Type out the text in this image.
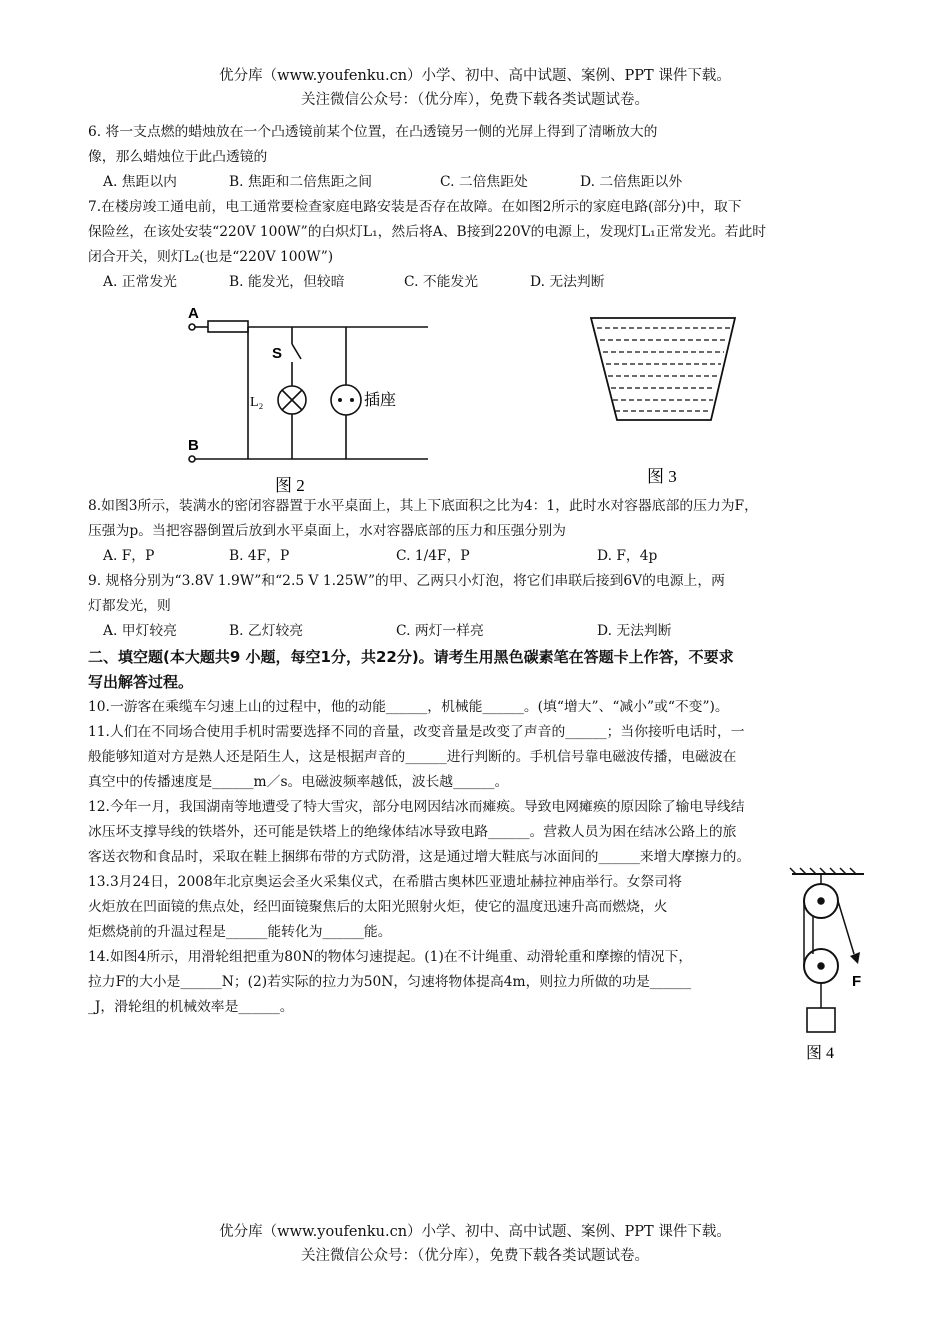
优分库（www.youfenku.cn）小学、初中、高中试题、案例、PPT 课件下载。
关注微信公众号：（优分库），免费下载各类试题试卷。
6. 将一支点燃的蜡烛放在一个凸透镜前某个位置，在凸透镜另一侧的光屏上得到了清晰放大的
像，那么蜡烛位于此凸透镜的
A. 焦距以内	B. 焦距和二倍焦距之间	C. 二倍焦距处	D. 二倍焦距以外
7.在楼房竣工通电前，电工通常要检查家庭电路安装是否存在故障。在如图2所示的家庭电路(部分)中，取下
保险丝，在该处安装“220V 100W”的白炽灯L₁，然后将A、B接到220V的电源上，发现灯L₁正常发光。若此时
闭合开关，则灯L₂(也是“220V 100W”)
A. 正常发光	B. 能发光，但较暗	C. 不能发光	D. 无法判断
A
S
L₂	插座
B
图 2	图 3
8.如图3所示，装满水的密闭容器置于水平桌面上，其上下底面积之比为4：1，此时水对容器底部的压力为F，
压强为p。当把容器倒置后放到水平桌面上，水对容器底部的压力和压强分别为
A. F，P	B. 4F，P	C. 1/4F，P	D. F，4p
9. 规格分别为“3.8V 1.9W”和“2.5 V 1.25W”的甲、乙两只小灯泡，将它们串联后接到6V的电源上，两
灯都发光，则
A. 甲灯较亮	B. 乙灯较亮	C. 两灯一样亮	D. 无法判断
二、填空题(本大题共9 小题，每空1分，共22分)。请考生用黑色碳素笔在答题卡上作答，不要求
写出解答过程。
10.一游客在乘缆车匀速上山的过程中，他的动能______，机械能______。(填“增大”、“减小”或“不变”)。
11.人们在不同场合使用手机时需要选择不同的音量，改变音量是改变了声音的______；当你接听电话时，一
般能够知道对方是熟人还是陌生人，这是根据声音的______进行判断的。手机信号靠电磁波传播，电磁波在
真空中的传播速度是______m／s。电磁波频率越低，波长越______。
12.今年一月，我国湖南等地遭受了特大雪灾，部分电网因结冰而瘫痪。导致电网瘫痪的原因除了输电导线结
冰压坏支撑导线的铁塔外，还可能是铁塔上的绝缘体结冰导致电路______。营救人员为困在结冰公路上的旅
客送衣物和食品时，采取在鞋上捆绑布带的方式防滑，这是通过增大鞋底与冰面间的______来增大摩擦力的。
13.3月24日，2008年北京奥运会圣火采集仪式，在希腊古奥林匹亚遗址赫拉神庙举行。女祭司将
火炬放在凹面镜的焦点处，经凹面镜聚焦后的太阳光照射火炬，使它的温度迅速升高而燃烧，火
炬燃烧前的升温过程是______能转化为______能。
14.如图4所示，用滑轮组把重为80N的物体匀速提起。(1)在不计绳重、动滑轮重和摩擦的情况下，
拉力F的大小是______N；(2)若实际的拉力为50N，匀速将物体提高4m，则拉力所做的功是______
_J，滑轮组的机械效率是______。
F
图 4
优分库（www.youfenku.cn）小学、初中、高中试题、案例、PPT 课件下载。
关注微信公众号：（优分库），免费下载各类试题试卷。
